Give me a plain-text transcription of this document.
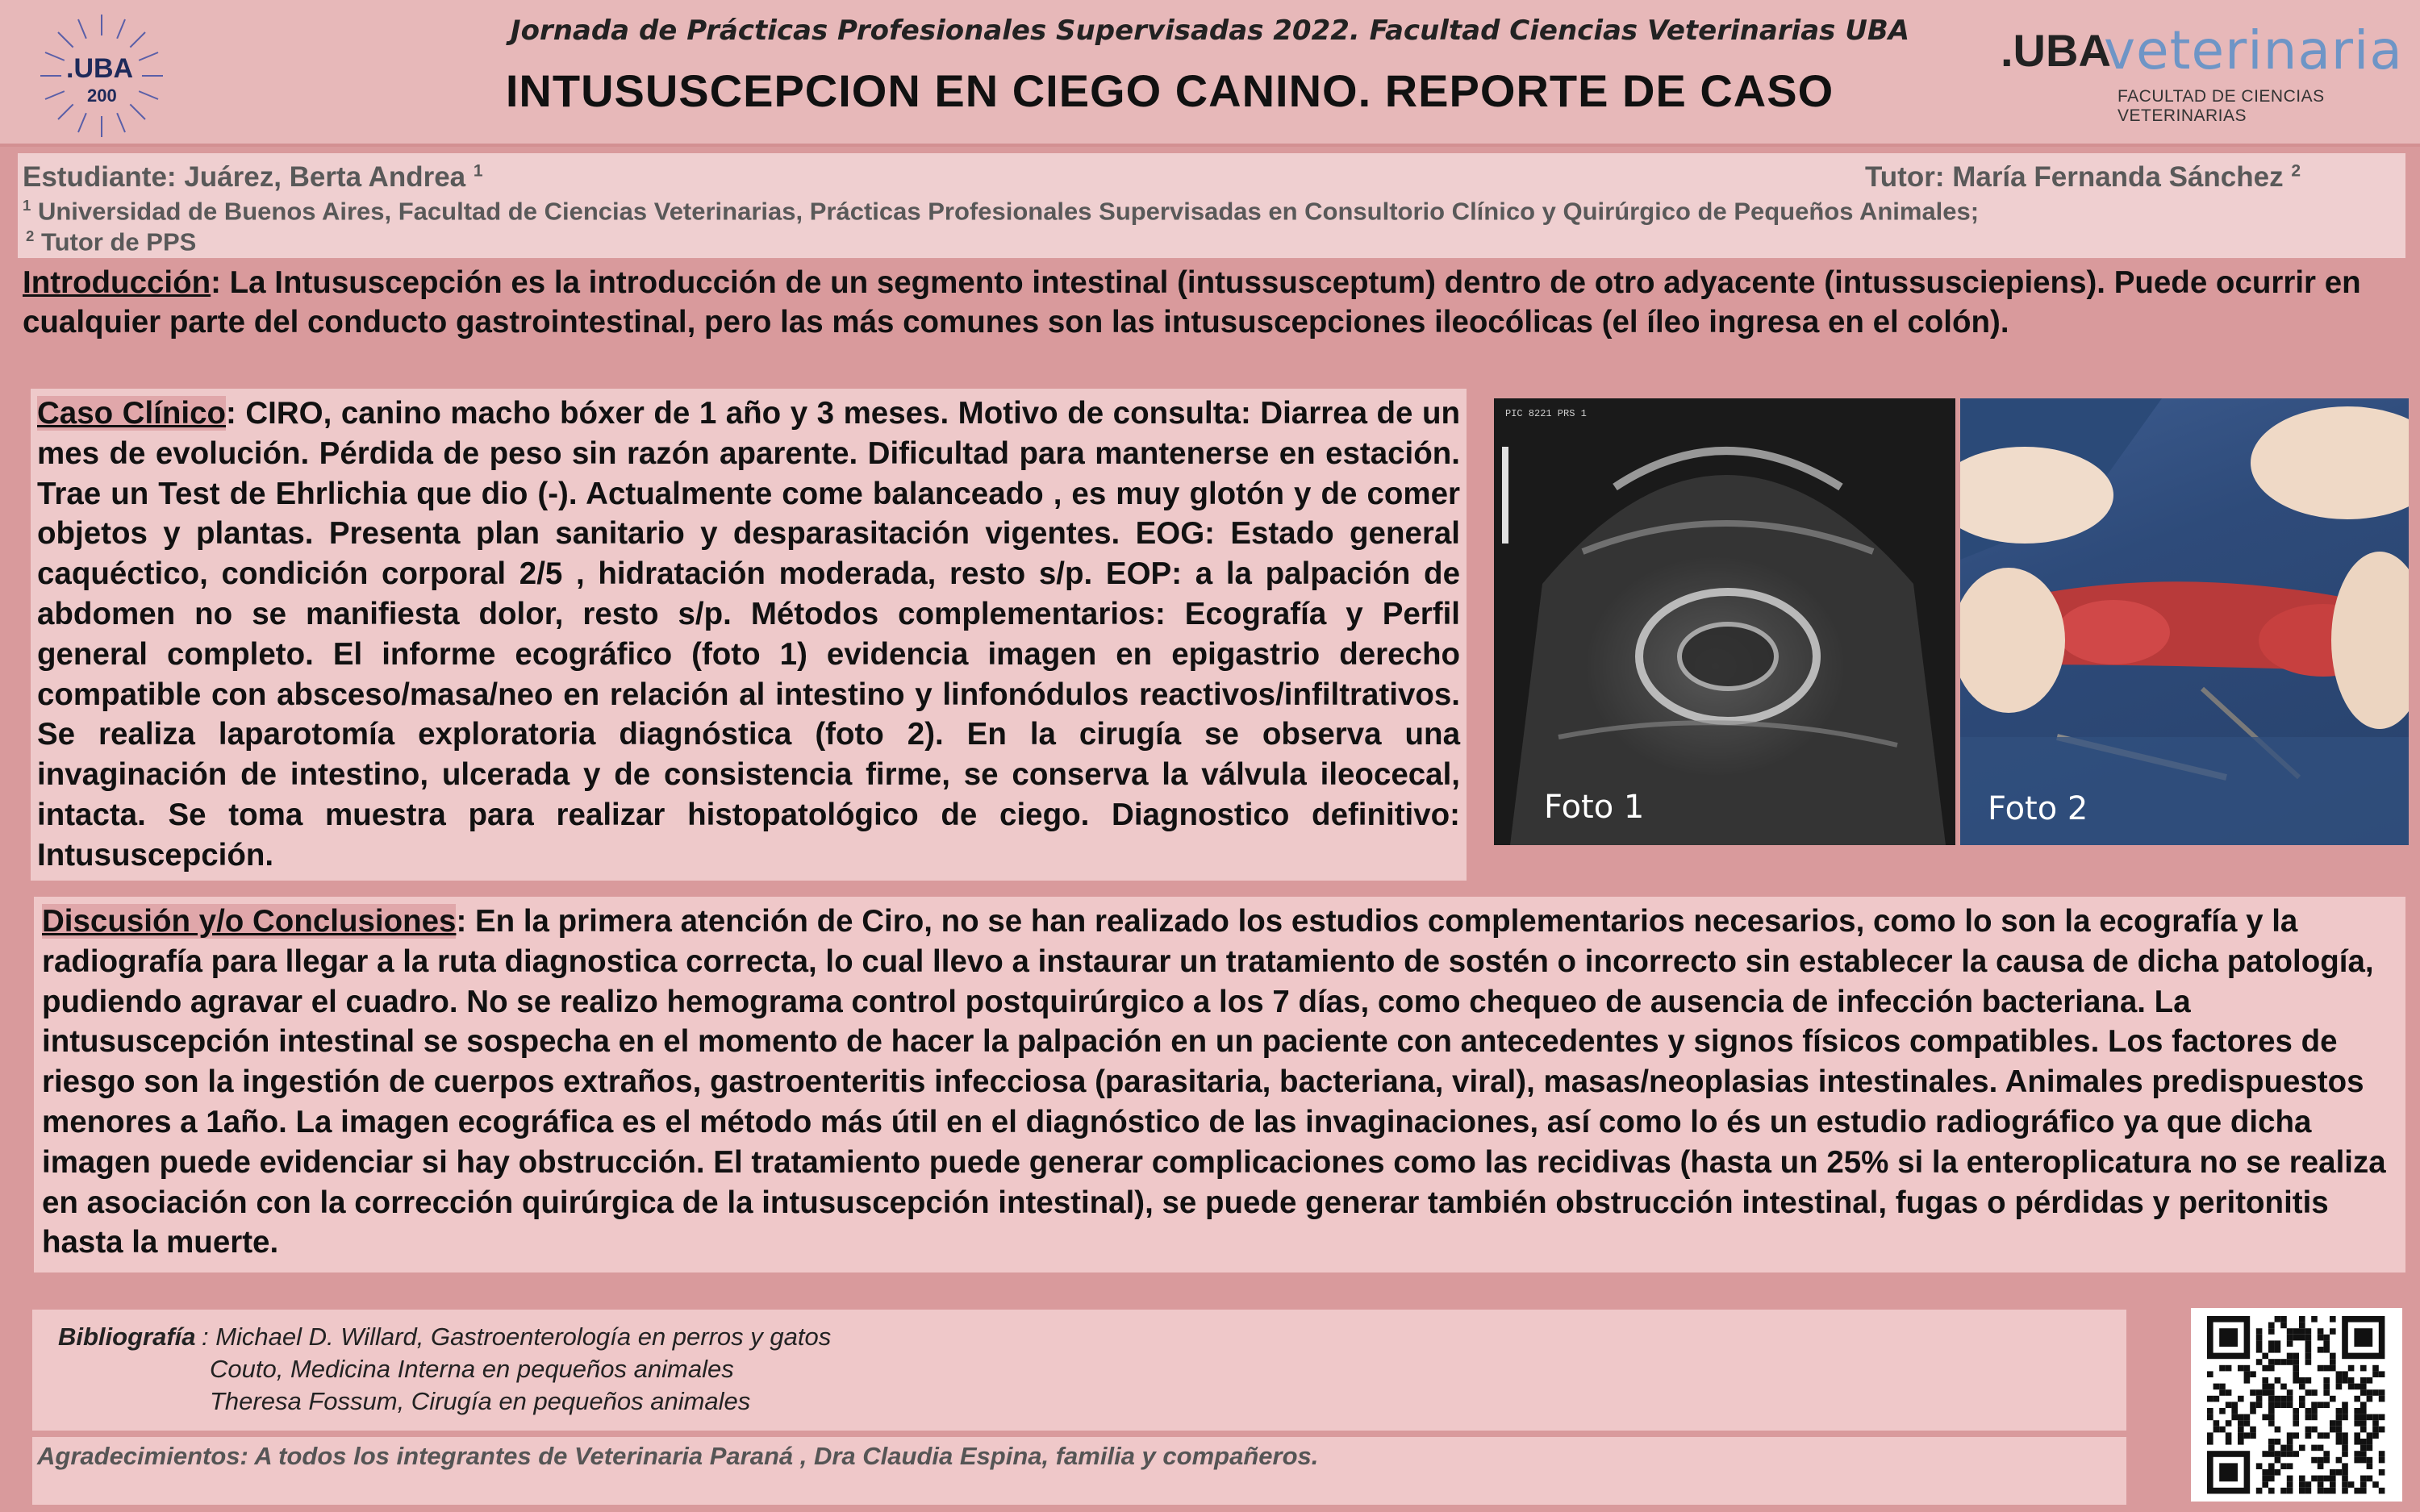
.UBA
200
Jornada de Prácticas Profesionales Supervisadas 2022. Facultad Ciencias Veterinarias UBA
INTUSUSCEPCION EN CIEGO CANINO. REPORTE DE CASO
.UBA
veterinaria
FACULTAD DE CIENCIAS VETERINARIAS
Estudiante: Juárez, Berta Andrea $^1$	Tutor: María Fernanda Sánchez $^2$
$^1$ Universidad de Buenos Aires, Facultad de Ciencias Veterinarias, Prácticas Profesionales Supervisadas en Consultorio Clínico y Quirúrgico de Pequeños Animales;
$^2$ Tutor de PPS
Introducción: La Intususcepción es la introducción de un segmento intestinal (intussusceptum) dentro de otro adyacente (intussusciepiens). Puede ocurrir en cualquier parte del conducto gastrointestinal, pero las más comunes son las intususcepciones ileocólicas (el íleo ingresa en el colón).
Caso Clínico: CIRO, canino macho bóxer de 1 año y 3 meses. Motivo de consulta: Diarrea de un mes de evolución. Pérdida de peso sin razón aparente. Dificultad para mantenerse en estación. Trae un Test de Ehrlichia que dio (-). Actualmente come balanceado , es muy glotón y de comer objetos y plantas. Presenta plan sanitario y desparasitación vigentes. EOG: Estado general caquéctico, condición corporal 2/5 , hidratación moderada, resto s/p. EOP: a la palpación de abdomen no se manifiesta dolor, resto s/p. Métodos complementarios: Ecografía y Perfil general completo. El informe ecográfico (foto 1) evidencia imagen en epigastrio derecho compatible con absceso/masa/neo en relación al intestino y linfonódulos reactivos/infiltrativos. Se realiza laparotomía exploratoria diagnóstica (foto 2). En la cirugía se observa una invaginación de intestino, ulcerada y de consistencia firme, se conserva la válvula ileocecal, intacta. Se toma muestra para realizar histopatológico de ciego. Diagnostico definitivo: Intususcepción.
PIC 8221 PRS 1
Foto 1	Foto 2
Discusión y/o Conclusiones: En la primera atención de Ciro, no se han realizado los estudios complementarios necesarios, como lo son la ecografía y la radiografía para llegar a la ruta diagnostica correcta, lo cual llevo a instaurar un tratamiento de sostén o incorrecto sin establecer la causa de dicha patología, pudiendo agravar el cuadro. No se realizo hemograma control postquirúrgico a los 7 días, como chequeo de ausencia de infección bacteriana. La intususcepción intestinal se sospecha en el momento de hacer la palpación en un paciente con antecedentes y signos físicos compatibles. Los factores de riesgo son la ingestión de cuerpos extraños, gastroenteritis infecciosa (parasitaria, bacteriana, viral), masas/neoplasias intestinales. Animales predispuestos menores a 1año. La imagen ecográfica es el método más útil en el diagnóstico de las invaginaciones, así como lo és un estudio radiográfico ya que dicha imagen puede evidenciar si hay obstrucción. El tratamiento puede generar complicaciones como las recidivas (hasta un 25% si la enteroplicatura no se realiza en asociación con la corrección quirúrgica de la intususcepción intestinal), se puede generar también obstrucción intestinal, fugas o pérdidas y peritonitis hasta la muerte.
Bibliografía : Michael D. Willard, Gastroenterología en perros y gatos
Couto, Medicina Interna en pequeños animales
Theresa Fossum, Cirugía en pequeños animales
Agradecimientos: A todos los integrantes de Veterinaria Paraná , Dra Claudia Espina, familia y compañeros.
